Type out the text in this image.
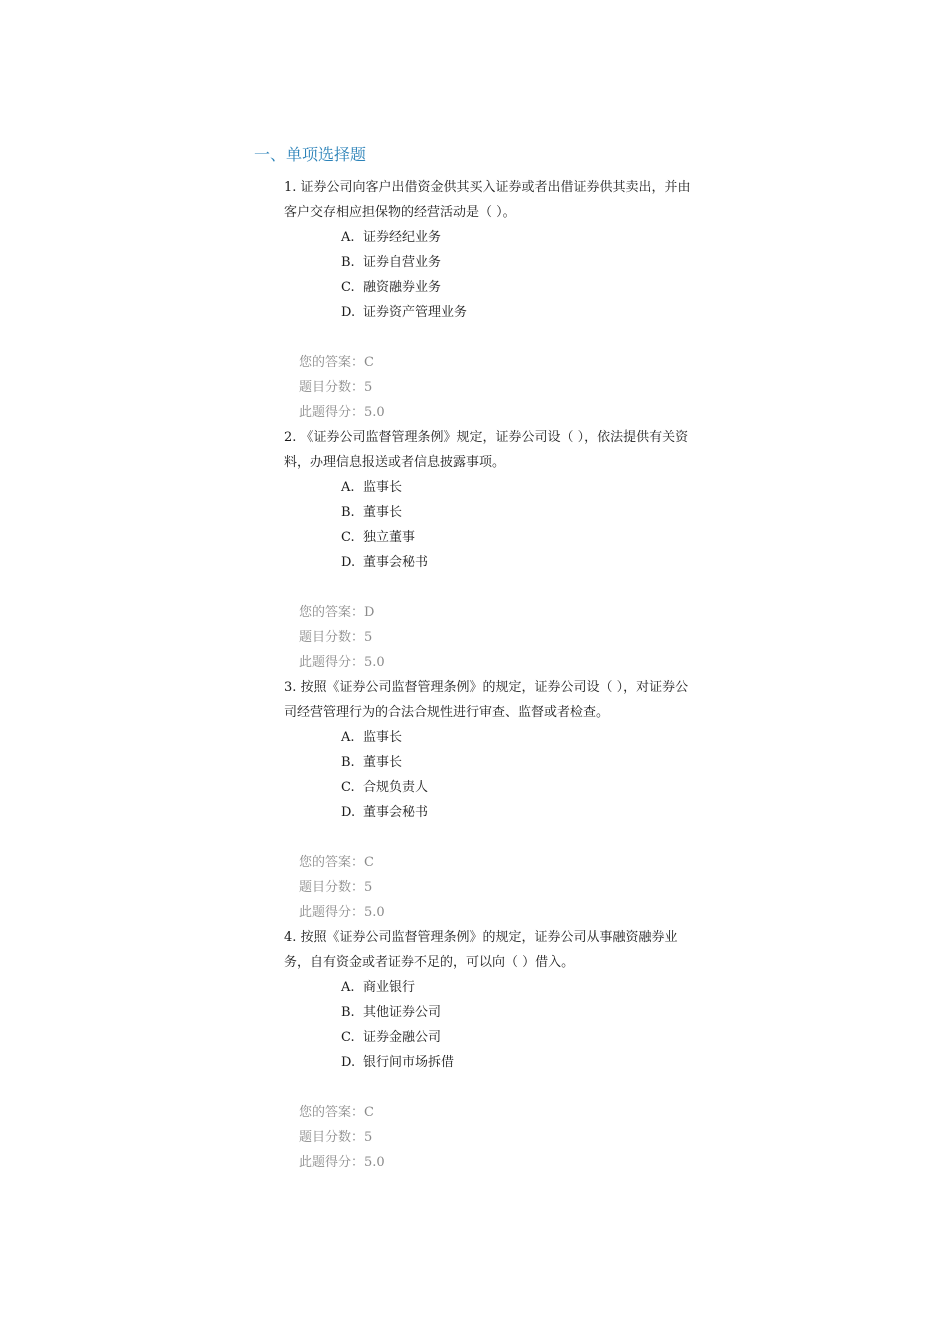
一、单项选择题

1. 证券公司向客户出借资金供其买入证券或者出借证券供其卖出，并由客户交存相应担保物的经营活动是（ ）。

A. 证券经纪业务
B. 证券自营业务
C. 融资融券业务
D. 证券资产管理业务
您的答案：C
题目分数：5
此题得分：5.0

2. 《证券公司监督管理条例》规定，证券公司设（ ），依法提供有关资料，办理信息报送或者信息披露事项。

A. 监事长
B. 董事长
C. 独立董事
D. 董事会秘书
您的答案：D
题目分数：5
此题得分：5.0

3. 按照《证券公司监督管理条例》的规定，证券公司设（ ），对证券公司经营管理行为的合法合规性进行审查、监督或者检查。

A. 监事长
B. 董事长
C. 合规负责人
D. 董事会秘书
您的答案：C
题目分数：5
此题得分：5.0

4. 按照《证券公司监督管理条例》的规定，证券公司从事融资融券业务，自有资金或者证券不足的，可以向（ ）借入。

A. 商业银行
B. 其他证券公司
C. 证券金融公司
D. 银行间市场拆借
您的答案：C
题目分数：5
此题得分：5.0
